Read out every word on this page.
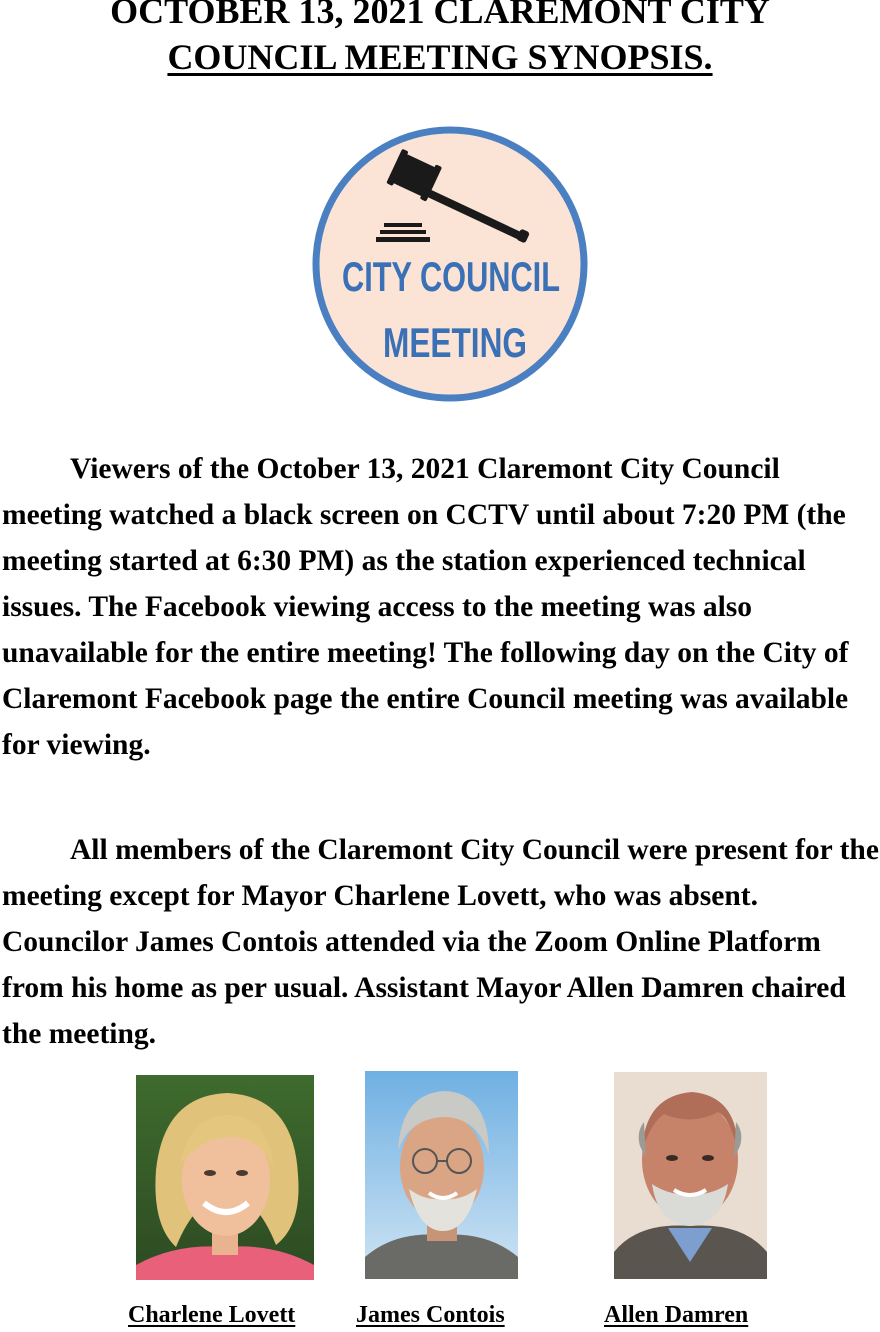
OCTOBER 13, 2021 CLAREMONT CITY
COUNCIL MEETING SYNOPSIS.
CITY COUNCIL
MEETING

Viewers of the October 13, 2021 Claremont City Council meeting watched a black screen on CCTV until about 7:20 PM (the meeting started at 6:30 PM) as the station experienced technical issues. The Facebook viewing access to the meeting was also unavailable for the entire meeting! The following day on the City of Claremont Facebook page the entire Council meeting was available for viewing.

All members of the Claremont City Council were present for the meeting except for Mayor Charlene Lovett, who was absent. Councilor James Contois attended via the Zoom Online Platform from his home as per usual. Assistant Mayor Allen Damren chaired the meeting.

Charlene Lovett	James Contois	Allen Damren
